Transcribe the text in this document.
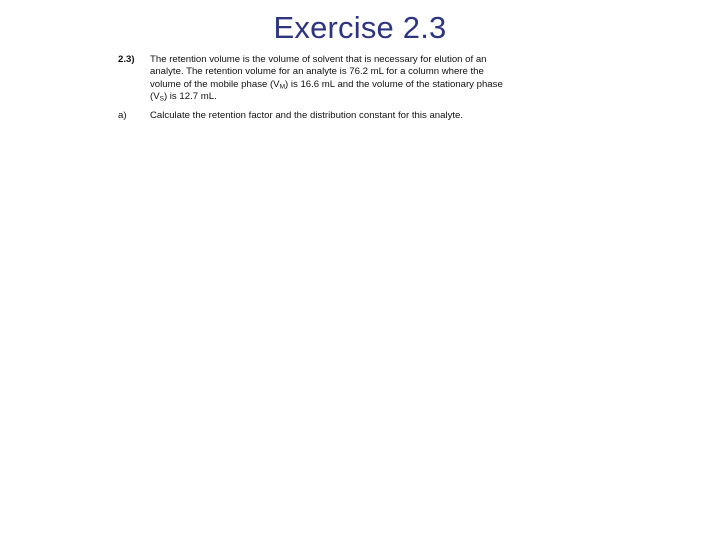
Exercise 2.3
2.3)	The retention volume is the volume of solvent that is necessary for elution of an
analyte. The retention volume for an analyte is 76.2 mL for a column where the
volume of the mobile phase $(V_M)$ is 16.6 mL and the volume of the stationary phase
$(V_S)$ is 12.7 mL.
a)	Calculate the retention factor and the distribution constant for this analyte.
